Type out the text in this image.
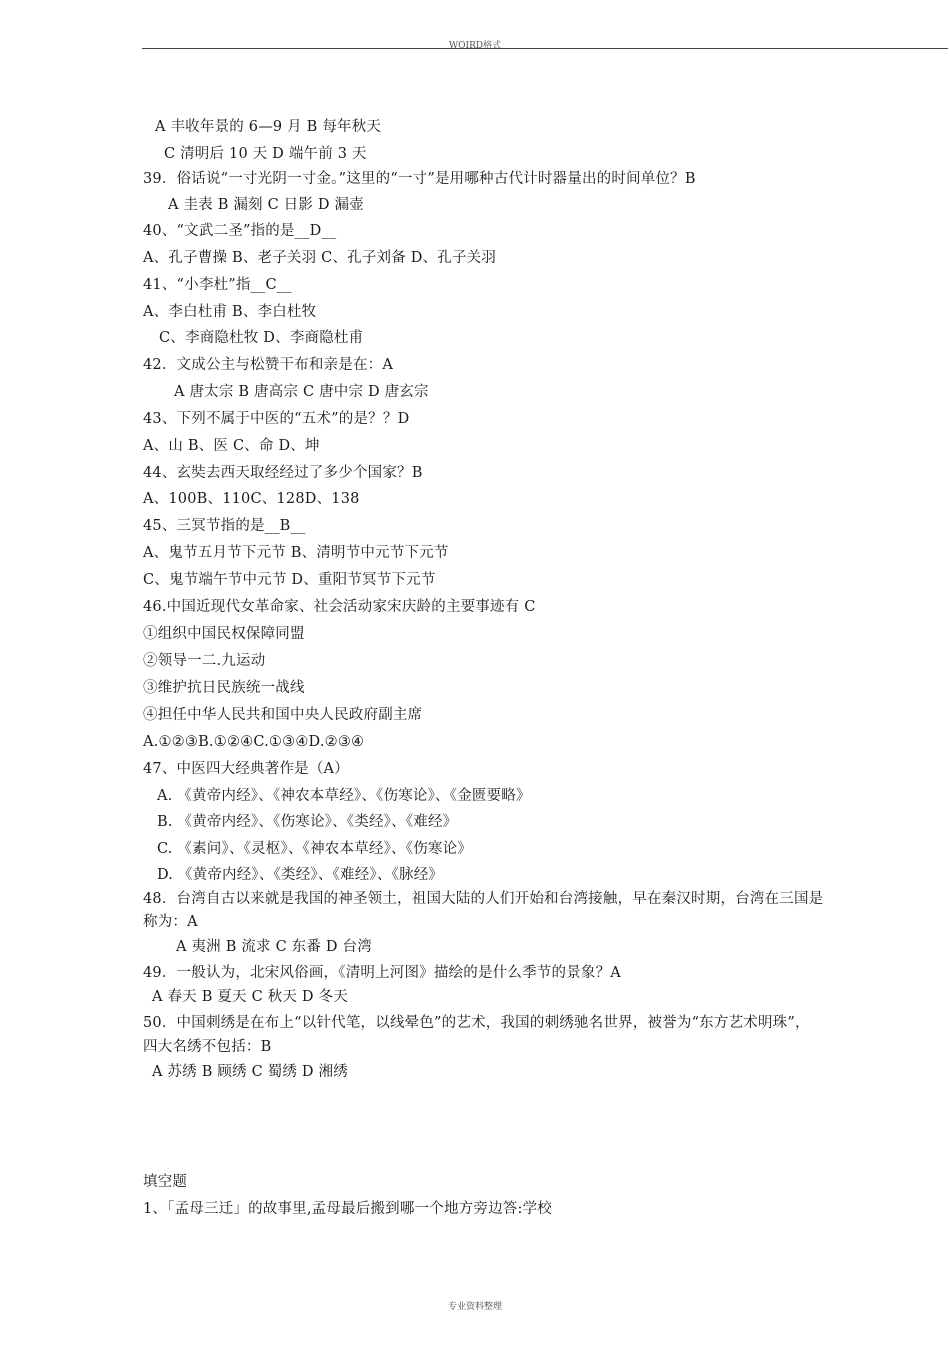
WOIRD格式
A 丰收年景的 6—9 月 B 每年秋天
C 清明后 10 天 D 端午前 3 天
39．俗话说“一寸光阴一寸金。”这里的“一寸”是用哪种古代计时器量出的时间单位？B
A 圭表 B 漏刻 C 日影 D 漏壶
40、“文武二圣”指的是__D__
A、孔子曹操 B、老子关羽 C、孔子刘备 D、孔子关羽
41、“小李杜”指__C__
A、李白杜甫 B、李白杜牧
C、李商隐杜牧 D、李商隐杜甫
42．文成公主与松赞干布和亲是在：A
A 唐太宗 B 唐高宗 C 唐中宗 D 唐玄宗
43、下列不属于中医的“五术”的是？？D
A、山 B、医 C、命 D、坤
44、玄奘去西天取经经过了多少个国家？B
A、100B、110C、128D、138
45、三冥节指的是__B__
A、鬼节五月节下元节 B、清明节中元节下元节
C、鬼节端午节中元节 D、重阳节冥节下元节
46.中国近现代女革命家、社会活动家宋庆龄的主要事迹有 C
①组织中国民权保障同盟
②领导一二.九运动
③维护抗日民族统一战线
④担任中华人民共和国中央人民政府副主席
A.①②③B.①②④C.①③④D.②③④
47、中医四大经典著作是（A）
A. 《黄帝内经》、《神农本草经》、《伤寒论》、《金匮要略》
B. 《黄帝内经》、《伤寒论》、《类经》、《难经》
C. 《素问》、《灵枢》、《神农本草经》、《伤寒论》
D. 《黄帝内经》、《类经》、《难经》、《脉经》
48．台湾自古以来就是我国的神圣领土，祖国大陆的人们开始和台湾接触，早在秦汉时期，台湾在三国是
称为：A
A 夷洲 B 流求 C 东番 D 台湾
49．一般认为，北宋风俗画，《清明上河图》描绘的是什么季节的景象？A
A 春天 B 夏天 C 秋天 D 冬天
50．中国刺绣是在布上“以针代笔，以线晕色”的艺术，我国的刺绣驰名世界，被誉为“东方艺术明珠”，
四大名绣不包括：B
A 苏绣 B 顾绣 C 蜀绣 D 湘绣
填空题
1、「孟母三迁」的故事里,孟母最后搬到哪一个地方旁边答:学校
专业资料整理
